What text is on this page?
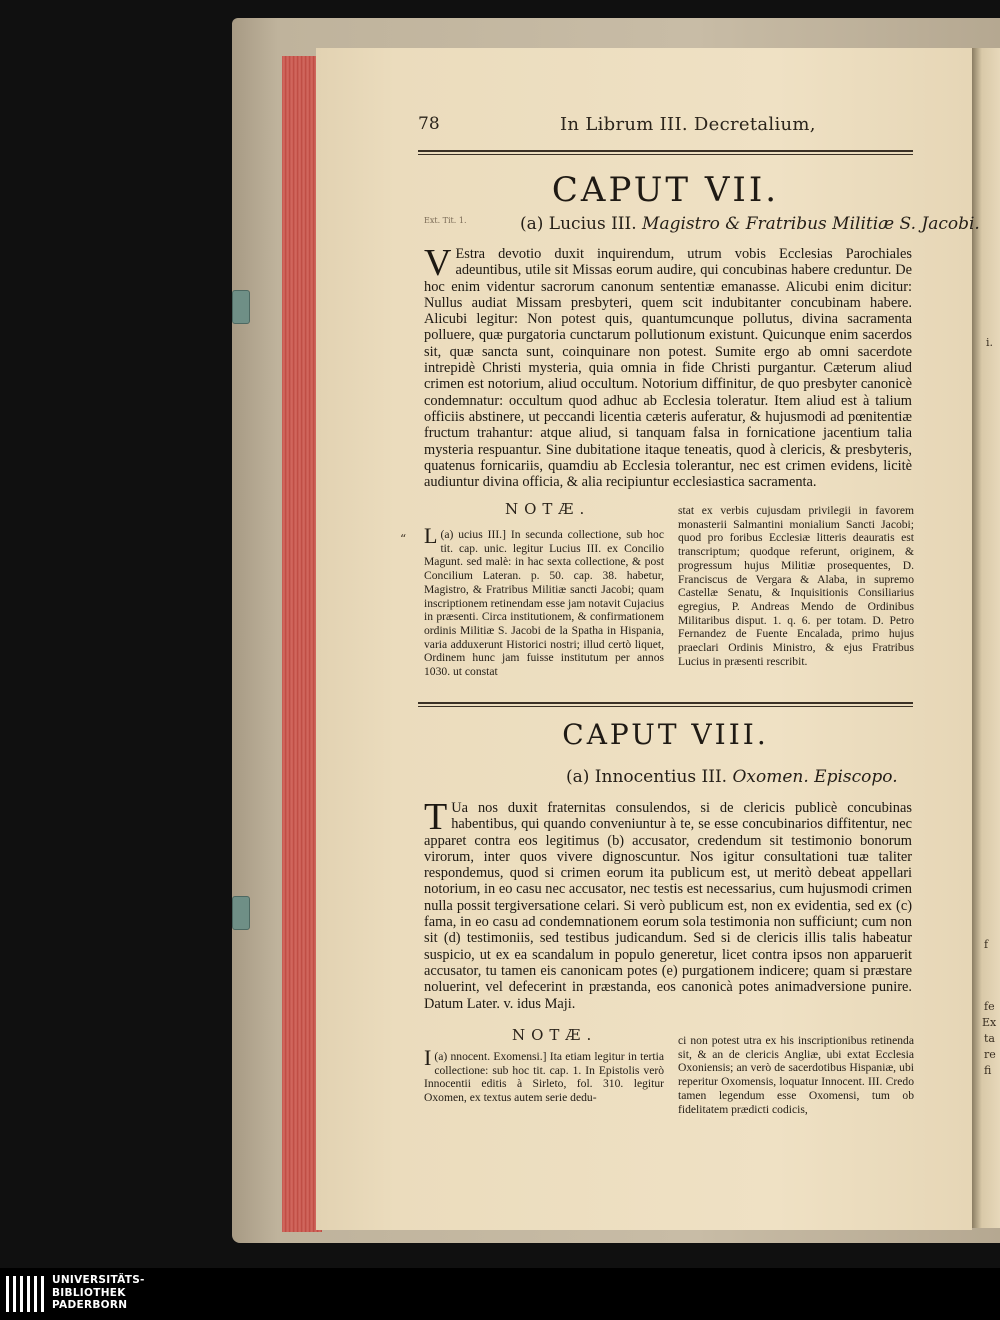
i.
f
fe
Ex
ta
re
fi
78	In Librum III. Decretalium,
CAPUT VII.
Ext. Tit. 1.	(a) Lucius III. Magistro & Fratribus Militiæ S. Jacobi.
V Estra devotio duxit inquirendum, utrum vobis Ecclesias Parochiales adeuntibus, utile sit Missas eorum audire, qui concubinas habere creduntur. De hoc enim videntur sacrorum canonum sententiæ emanasse. Alicubi enim dicitur: Nullus audiat Missam presbyteri, quem scit indubitanter concubinam habere. Alicubi legitur: Non potest quis, quantumcunque pollutus, divina sacramenta polluere, quæ purgatoria cunctarum pollutionum existunt. Quicunque enim sacerdos sit, quæ sancta sunt, coinquinare non potest. Sumite ergo ab omni sacerdote intrepidè Christi mysteria, quia omnia in fide Christi purgantur. Cæterum aliud crimen est notorium, aliud occultum. Notorium diffinitur, de quo presbyter canonicè condemnatur: occultum quod adhuc ab Ecclesia toleratur. Item aliud est à talium officiis abstinere, ut peccandi licentia cæteris auferatur, & hujusmodi ad pœnitentiæ fructum trahantur: atque aliud, si tanquam falsa in fornicatione jacentium talia mysteria respuantur. Sine dubitatione itaque teneatis, quod à clericis, & presbyteris, quatenus fornicariis, quamdiu ab Ecclesia tolerantur, nec est crimen evidens, licitè audiuntur divina officia, & alia recipiuntur ecclesiastica sacramenta.
NOTÆ.
“	(a)
L ucius III.] In secunda collectione, sub hoc tit. cap. unic. legitur Lucius III. ex Concilio Magunt. sed malè: in hac sexta collectione, & post Concilium Lateran. p. 50. cap. 38. habetur, Magistro, & Fratribus Militiæ sancti Jacobi; quam inscriptionem retinendam esse jam notavit Cujacius in præsenti. Circa institutionem, & confirmationem ordinis Militiæ S. Jacobi de la Spatha in Hispania, varia adduxerunt Historici nostri; illud certò liquet, Ordinem hunc jam fuisse institutum per annos 1030. ut constat
stat ex verbis cujusdam privilegii in favorem monasterii Salmantini monialium Sancti Jacobi; quod pro foribus Ecclesiæ litteris deauratis est transcriptum; quodque referunt, originem, & progressum hujus Militiæ prosequentes, D. Franciscus de Vergara & Alaba, in supremo Castellæ Senatu, & Inquisitionis Consiliarius egregius, P. Andreas Mendo de Ordinibus Militaribus disput. 1. q. 6. per totam. D. Petro Fernandez de Fuente Encalada, primo hujus praeclari Ordinis Ministro, & ejus Fratribus Lucius in præsenti rescribit.
CAPUT VIII.
(a) Innocentius III. Oxomen. Episcopo.
T Ua nos duxit fraternitas consulendos, si de clericis publicè concubinas habentibus, qui quando conveniuntur à te, se esse concubinarios diffitentur, nec apparet contra eos legitimus (b) accusator, credendum sit testimonio bonorum virorum, inter quos vivere dignoscuntur. Nos igitur consultationi tuæ taliter respondemus, quod si crimen eorum ita publicum est, ut meritò debeat appellari notorium, in eo casu nec accusator, nec testis est necessarius, cum hujusmodi crimen nulla possit tergiversatione celari. Si verò publicum est, non ex evidentia, sed ex (c) fama, in eo casu ad condemnationem eorum sola testimonia non sufficiunt; cum non sit (d) testimoniis, sed testibus judicandum. Sed si de clericis illis talis habeatur suspicio, ut ex ea scandalum in populo generetur, licet contra ipsos non apparuerit accusator, tu tamen eis canonicam potes (e) purgationem indicere; quam si præstare noluerint, vel defecerint in præstanda, eos canonicà potes animadversione punire. Datum Later. v. idus Maji.
NOTÆ.
(a)
I nnocent. Exomensi.] Ita etiam legitur in tertia collectione: sub hoc tit. cap. 1. In Epistolis verò Innocentii editis à Sirleto, fol. 310. legitur Oxomen, ex textus autem serie dedu-
ci non potest utra ex his inscriptionibus retinenda sit, & an de clericis Angliæ, ubi extat Ecclesia Oxoniensis; an verò de sacerdotibus Hispaniæ, ubi reperitur Oxomensis, loquatur Innocent. III. Credo tamen legendum esse Oxomensi, tum ob fidelitatem prædicti codicis,
UNIVERSITÄTS-
BIBLIOTHEK
PADERBORN
